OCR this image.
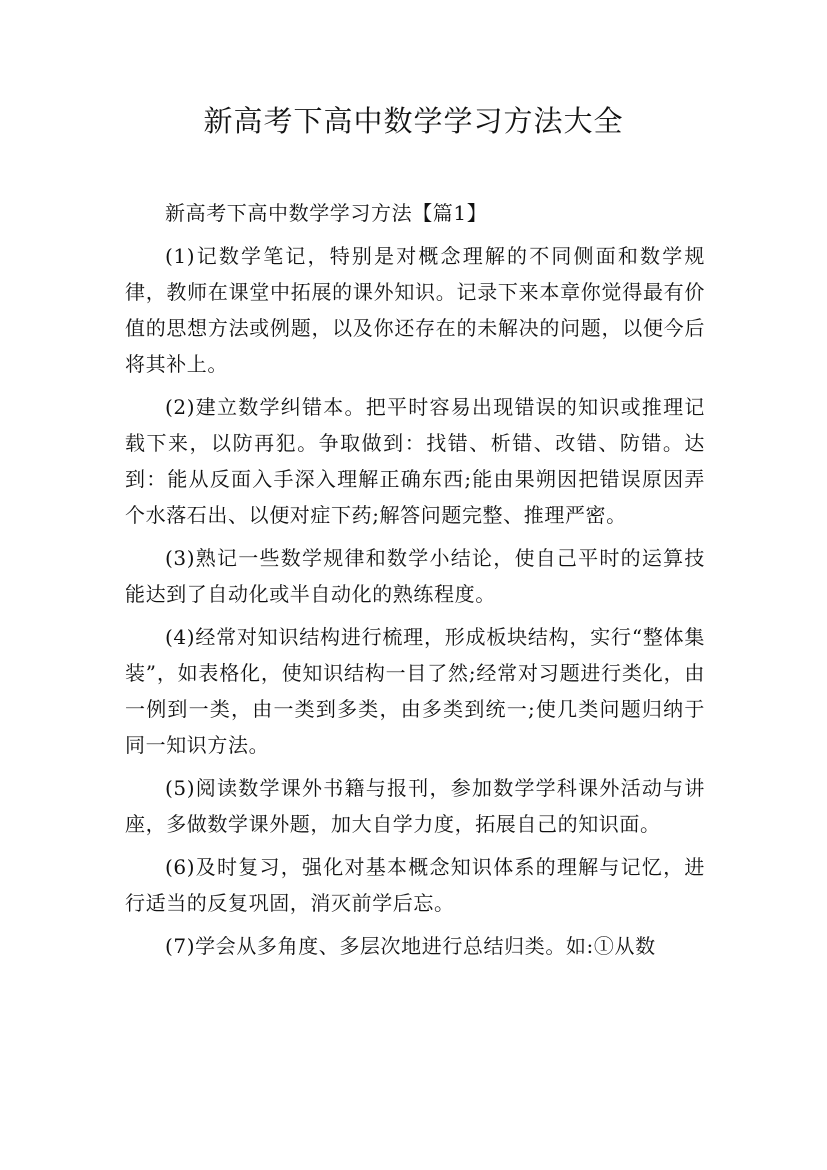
新高考下高中数学学习方法大全

新高考下高中数学学习方法【篇1】

(1)记数学笔记，特别是对概念理解的不同侧面和数学规律，教师在课堂中拓展的课外知识。记录下来本章你觉得最有价值的思想方法或例题，以及你还存在的未解决的问题，以便今后将其补上。

(2)建立数学纠错本。把平时容易出现错误的知识或推理记载下来，以防再犯。争取做到：找错、析错、改错、防错。达到：能从反面入手深入理解正确东西;能由果朔因把错误原因弄个水落石出、以便对症下药;解答问题完整、推理严密。

(3)熟记一些数学规律和数学小结论，使自己平时的运算技能达到了自动化或半自动化的熟练程度。

(4)经常对知识结构进行梳理，形成板块结构，实行“整体集装”，如表格化，使知识结构一目了然;经常对习题进行类化，由一例到一类，由一类到多类，由多类到统一;使几类问题归纳于同一知识方法。

(5)阅读数学课外书籍与报刊，参加数学学科课外活动与讲座，多做数学课外题，加大自学力度，拓展自己的知识面。

(6)及时复习，强化对基本概念知识体系的理解与记忆，进行适当的反复巩固，消灭前学后忘。

(7)学会从多角度、多层次地进行总结归类。如:①从数
